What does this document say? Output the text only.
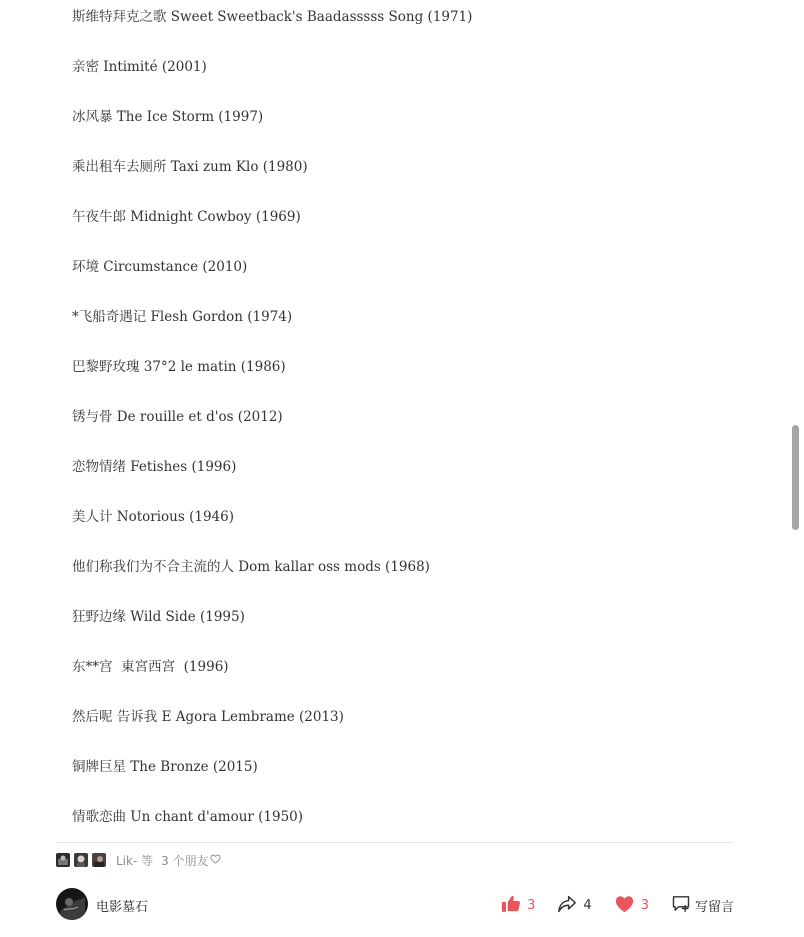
斯维特拜克之歌 Sweet Sweetback's Baadasssss Song (1971)
亲密 Intimité (2001)
冰风暴 The Ice Storm (1997)
乘出租车去厕所 Taxi zum Klo (1980)
午夜牛郎 Midnight Cowboy (1969)
环境 Circumstance (2010)
*飞船奇遇记 Flesh Gordon (1974)
巴黎野玫瑰 37°2 le matin (1986)
锈与骨 De rouille et d'os (2012)
恋物情绪 Fetishes (1996)
美人计 Notorious (1946)
他们称我们为不合主流的人 Dom kallar oss mods (1968)
狂野边缘 Wild Side (1995)
东**宫  東宮西宮  (1996)
然后呢 告诉我 E Agora Lembrame (2013)
铜牌巨星 The Bronze (2015)
情歌恋曲 Un chant d'amour (1950)
Lik- 等 3 个朋友
电影墓石	3	4	3	写留言
